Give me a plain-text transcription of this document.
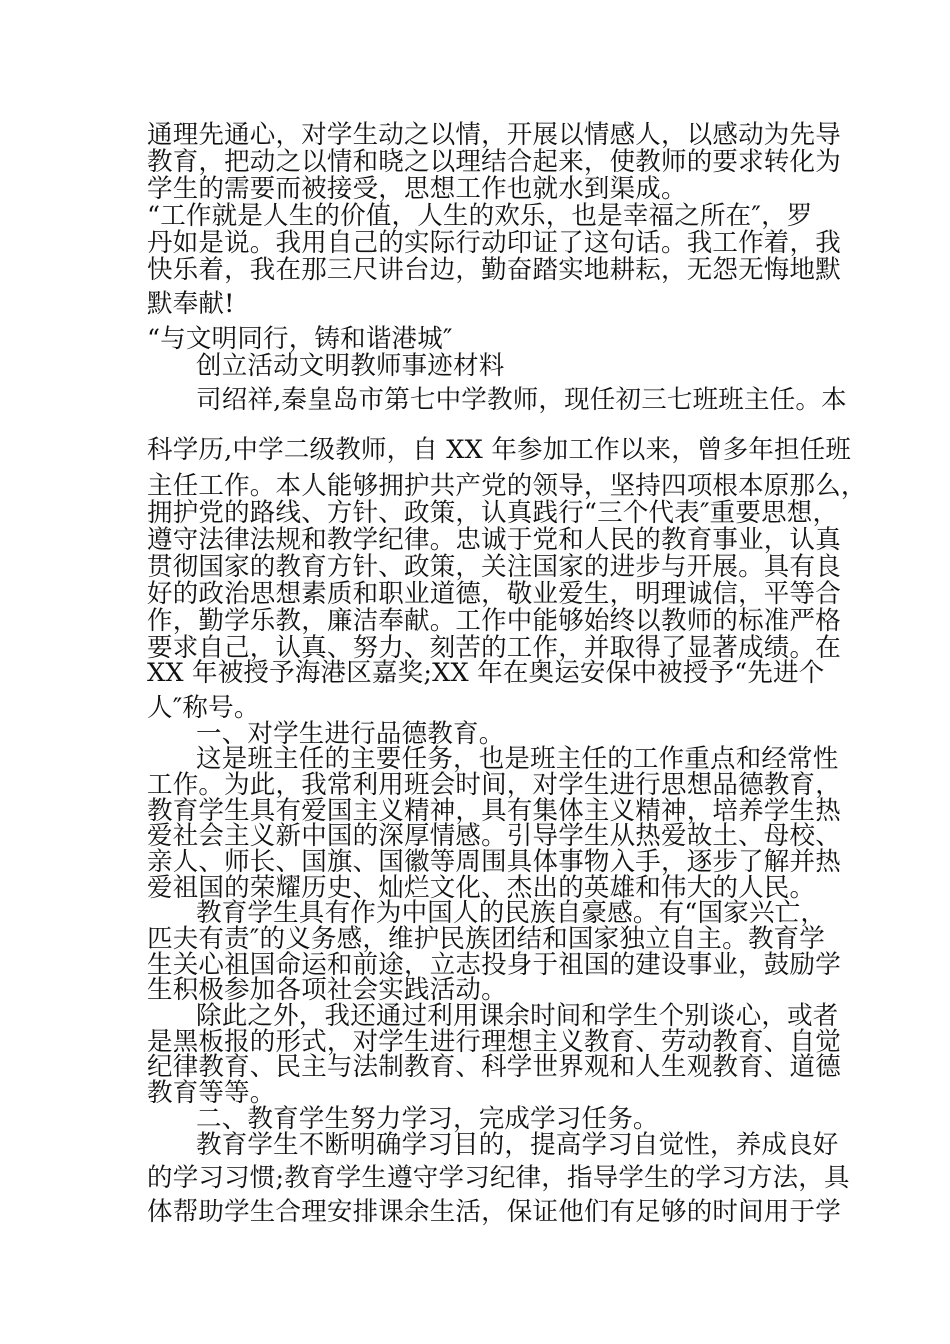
通理先通心，对学生动之以情，开展以情感人，以感动为先导
教育，把动之以情和晓之以理结合起来，使教师的要求转化为
学生的需要而被接受，思想工作也就水到渠成。
“工作就是人生的价值，人生的欢乐，也是幸福之所在″，罗
丹如是说。我用自己的实际行动印证了这句话。我工作着，我
快乐着，我在那三尺讲台边，勤奋踏实地耕耘，无怨无悔地默
默奉献!
“与文明同行，铸和谐港城″
创立活动文明教师事迹材料
司绍祥,秦皇岛市第七中学教师，现任初三七班班主任。本
科学历,中学二级教师，自 XX 年参加工作以来，曾多年担任班
主任工作。本人能够拥护共产党的领导，坚持四项根本原那么，
拥护党的路线、方针、政策，认真践行“三个代表″重要思想，
遵守法律法规和教学纪律。忠诚于党和人民的教育事业，认真
贯彻国家的教育方针、政策，关注国家的进步与开展。具有良
好的政治思想素质和职业道德，敬业爱生，明理诚信，平等合
作，勤学乐教，廉洁奉献。工作中能够始终以教师的标准严格
要求自己，认真、努力、刻苦的工作，并取得了显著成绩。在
XX 年被授予海港区嘉奖;XX 年在奥运安保中被授予“先进个
人″称号。
一、对学生进行品德教育。
这是班主任的主要任务，也是班主任的工作重点和经常性
工作。为此，我常利用班会时间，对学生进行思想品德教育，
教育学生具有爱国主义精神，具有集体主义精神，培养学生热
爱社会主义新中国的深厚情感。引导学生从热爱故土、母校、
亲人、师长、国旗、国徽等周围具体事物入手，逐步了解并热
爱祖国的荣耀历史、灿烂文化、杰出的英雄和伟大的人民。
教育学生具有作为中国人的民族自豪感。有“国家兴亡，
匹夫有责″的义务感，维护民族团结和国家独立自主。教育学
生关心祖国命运和前途，立志投身于祖国的建设事业，鼓励学
生积极参加各项社会实践活动。
除此之外，我还通过利用课余时间和学生个别谈心，或者
是黑板报的形式，对学生进行理想主义教育、劳动教育、自觉
纪律教育、民主与法制教育、科学世界观和人生观教育、道德
教育等等。
二、教育学生努力学习，完成学习任务。
教育学生不断明确学习目的，提高学习自觉性，养成良好
的学习习惯;教育学生遵守学习纪律，指导学生的学习方法，具
体帮助学生合理安排课余生活，保证他们有足够的时间用于学
